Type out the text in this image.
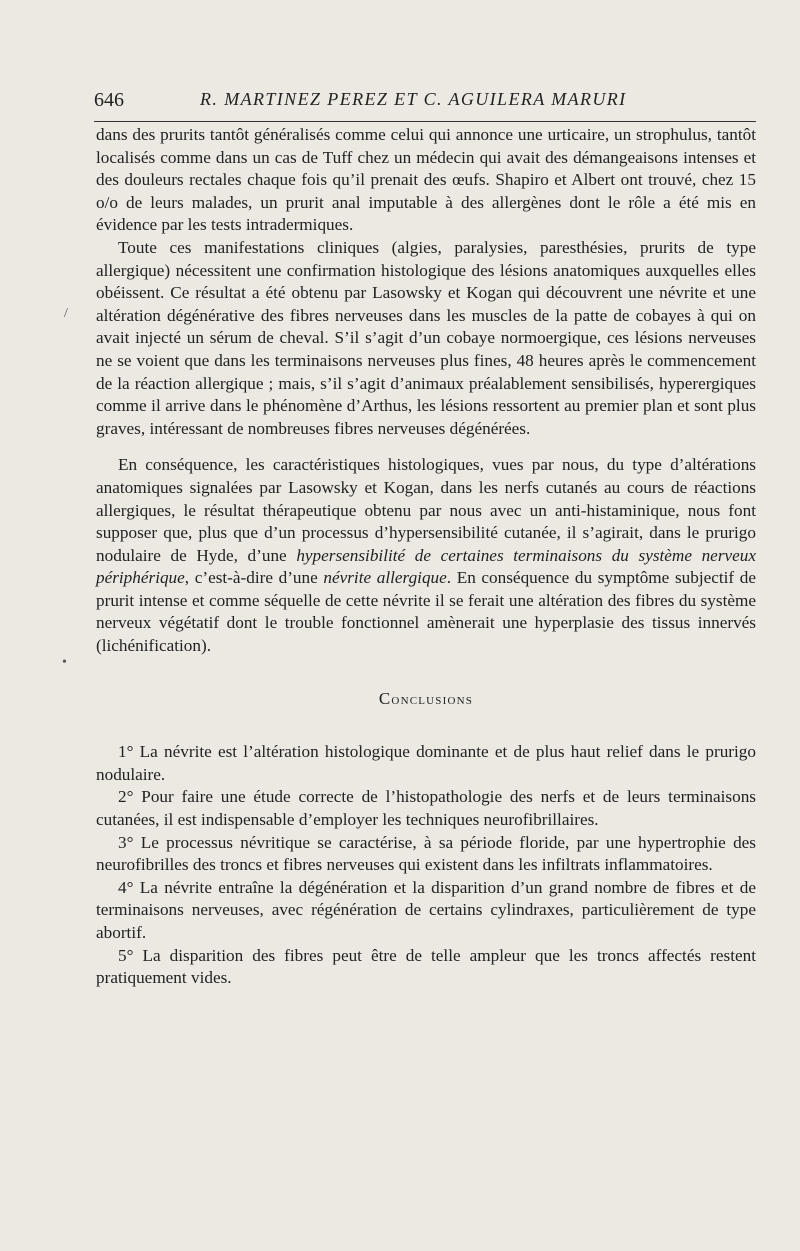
646	R. MARTINEZ PEREZ ET C. AGUILERA MARURI
/
•

dans des prurits tantôt généralisés comme celui qui annonce une urticaire, un strophulus, tantôt localisés comme dans un cas de Tuff chez un médecin qui avait des démangeaisons intenses et des douleurs rectales chaque fois qu’il prenait des œufs. Shapiro et Albert ont trouvé, chez 15 o/o de leurs malades, un prurit anal imputable à des allergènes dont le rôle a été mis en évidence par les tests intradermiques.

Toute ces manifestations cliniques (algies, paralysies, paresthésies, prurits de type allergique) nécessitent une confirmation histologique des lésions anatomiques auxquelles elles obéissent. Ce résultat a été obtenu par Lasowsky et Kogan qui découvrent une névrite et une altération dégénérative des fibres nerveuses dans les muscles de la patte de cobayes à qui on avait injecté un sérum de cheval. S’il s’agit d’un cobaye normoergique, ces lésions nerveuses ne se voient que dans les terminaisons nerveuses plus fines, 48 heures après le commencement de la réaction allergique ; mais, s’il s’agit d’animaux préalablement sensibilisés, hyperergiques comme il arrive dans le phénomène d’Arthus, les lésions ressortent au premier plan et sont plus graves, intéressant de nombreuses fibres nerveuses dégénérées.

En conséquence, les caractéristiques histologiques, vues par nous, du type d’altérations anatomiques signalées par Lasowsky et Kogan, dans les nerfs cutanés au cours de réactions allergiques, le résultat thérapeutique obtenu par nous avec un anti-histaminique, nous font supposer que, plus que d’un processus d’hypersensibilité cutanée, il s’agirait, dans le prurigo nodulaire de Hyde, d’une hypersensibilité de certaines terminaisons du système nerveux périphérique, c’est-à-dire d’une névrite allergique. En conséquence du symptôme subjectif de prurit intense et comme séquelle de cette névrite il se ferait une altération des fibres du système nerveux végétatif dont le trouble fonctionnel amènerait une hyperplasie des tissus innervés (lichénification).

Conclusions

1° La névrite est l’altération histologique dominante et de plus haut relief dans le prurigo nodulaire.

2° Pour faire une étude correcte de l’histopathologie des nerfs et de leurs terminaisons cutanées, il est indispensable d’employer les techniques neurofibrillaires.

3° Le processus névritique se caractérise, à sa période floride, par une hypertrophie des neurofibrilles des troncs et fibres nerveuses qui existent dans les infiltrats inflammatoires.

4° La névrite entraîne la dégénération et la disparition d’un grand nombre de fibres et de terminaisons nerveuses, avec régénération de certains cylindraxes, particulièrement de type abortif.

5° La disparition des fibres peut être de telle ampleur que les troncs affectés restent pratiquement vides.
